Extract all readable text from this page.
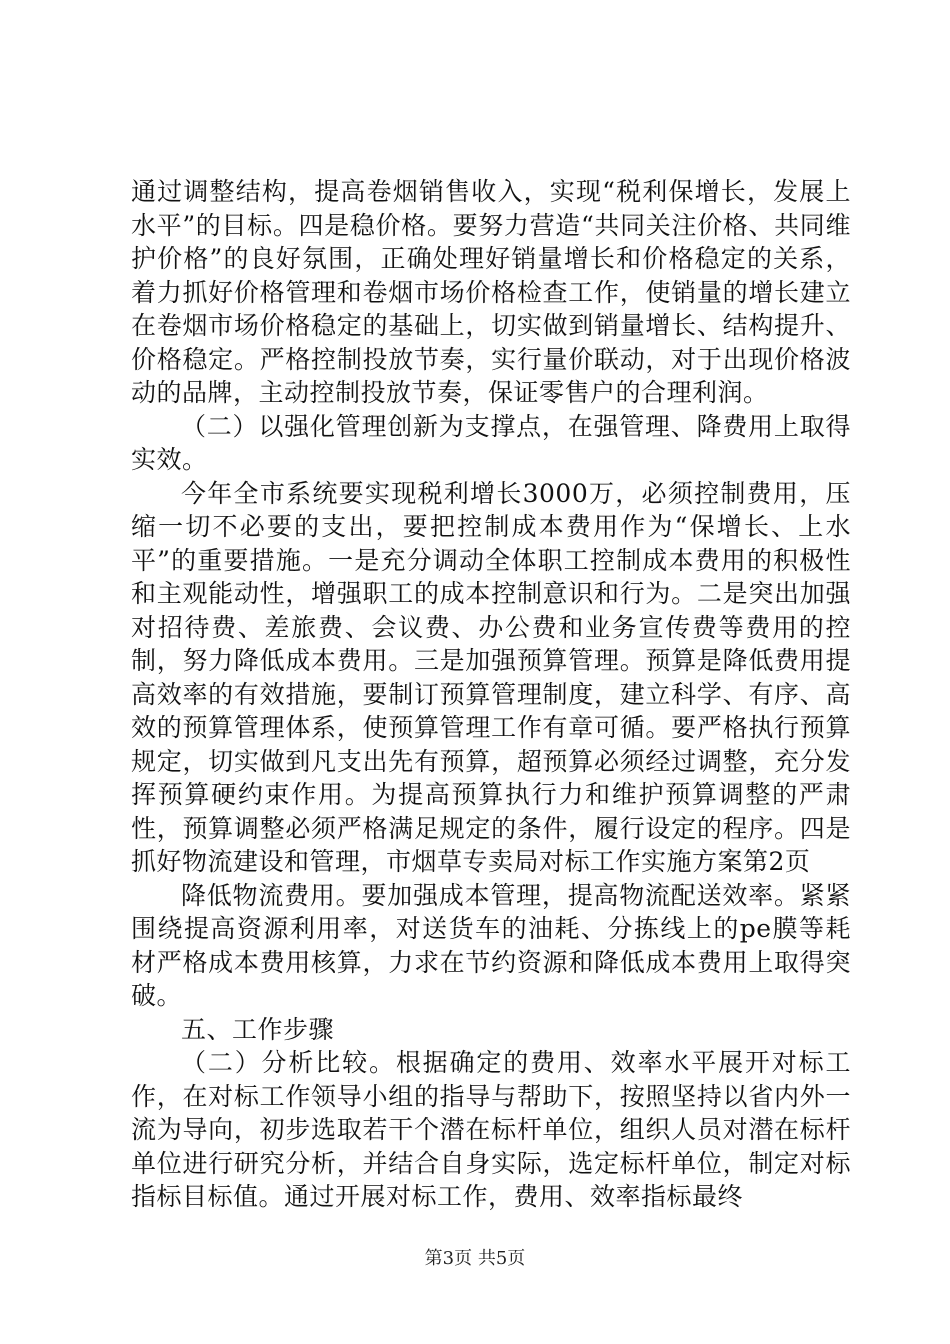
通过调整结构，提高卷烟销售收入，实现“税利保增长，发展上水平”的目标。四是稳价格。要努力营造“共同关注价格、共同维护价格”的良好氛围，正确处理好销量增长和价格稳定的关系，着力抓好价格管理和卷烟市场价格检查工作，使销量的增长建立在卷烟市场价格稳定的基础上，切实做到销量增长、结构提升、价格稳定。严格控制投放节奏，实行量价联动，对于出现价格波动的品牌，主动控制投放节奏，保证零售户的合理利润。

（二）以强化管理创新为支撑点，在强管理、降费用上取得实效。

今年全市系统要实现税利增长3000万，必须控制费用，压缩一切不必要的支出，要把控制成本费用作为“保增长、上水平”的重要措施。一是充分调动全体职工控制成本费用的积极性和主观能动性，增强职工的成本控制意识和行为。二是突出加强对招待费、差旅费、会议费、办公费和业务宣传费等费用的控制，努力降低成本费用。三是加强预算管理。预算是降低费用提高效率的有效措施，要制订预算管理制度，建立科学、有序、高效的预算管理体系，使预算管理工作有章可循。要严格执行预算规定，切实做到凡支出先有预算，超预算必须经过调整，充分发挥预算硬约束作用。为提高预算执行力和维护预算调整的严肃性，预算调整必须严格满足规定的条件，履行设定的程序。四是抓好物流建设和管理，市烟草专卖局对标工作实施方案第2页

降低物流费用。要加强成本管理，提高物流配送效率。紧紧围绕提高资源利用率，对送货车的油耗、分拣线上的pe膜等耗材严格成本费用核算，力求在节约资源和降低成本费用上取得突破。

五、工作步骤

（二）分析比较。根据确定的费用、效率水平展开对标工作，在对标工作领导小组的指导与帮助下，按照坚持以省内外一流为导向，初步选取若干个潜在标杆单位，组织人员对潜在标杆单位进行研究分析，并结合自身实际，选定标杆单位，制定对标指标目标值。通过开展对标工作，费用、效率指标最终

第3页 共5页
